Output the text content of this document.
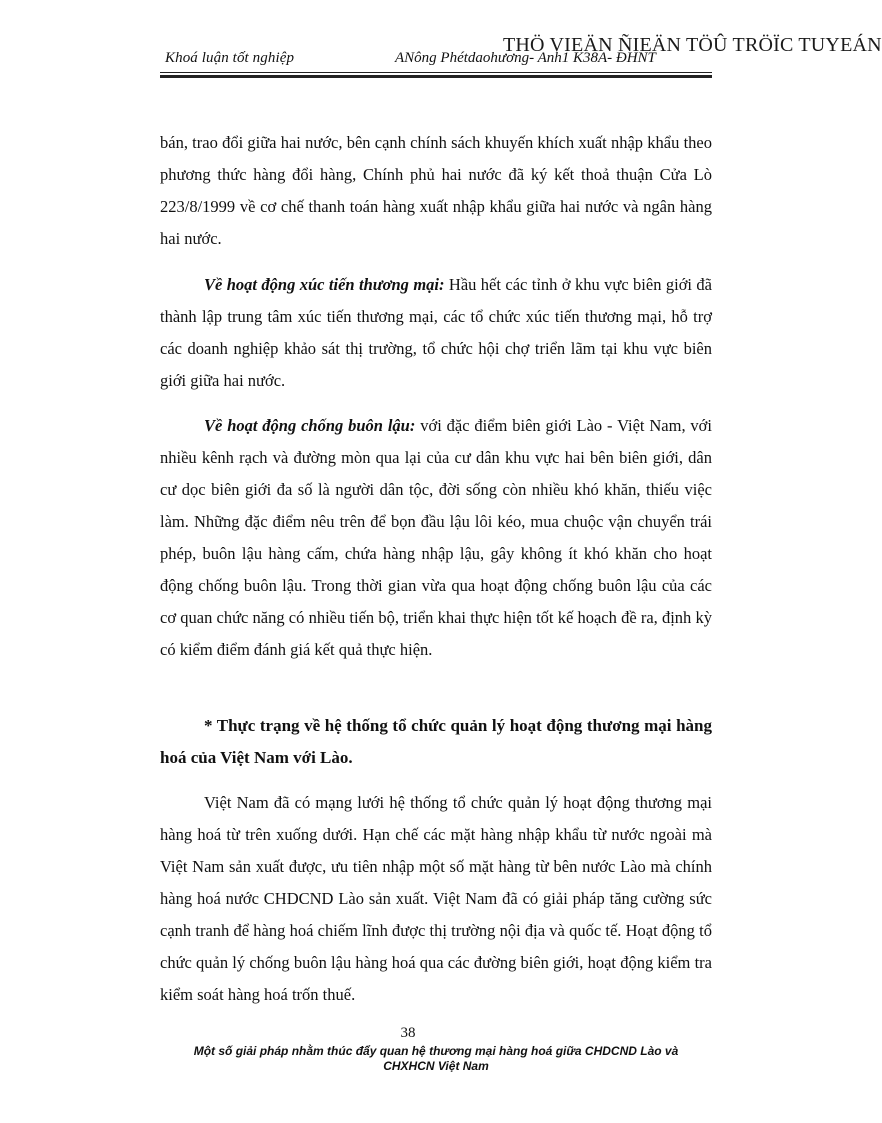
Khoá luận tốt nghiệp	ANông Phétdaohương- Anh1 K38A- ĐHNT
THÖ VIEÄN ÑIEÄN TÖÛ TRÖÏC TUYEÁN

bán, trao đổi giữa hai nước, bên cạnh chính sách khuyến khích xuất nhập khẩu theo phương thức hàng đổi hàng, Chính phủ hai nước đã ký kết thoả thuận Cửa Lò 223/8/1999 về cơ chế thanh toán hàng xuất nhập khẩu giữa hai nước và ngân hàng hai nước.

Về hoạt động xúc tiến thương mại: Hầu hết các tỉnh ở khu vực biên giới đã thành lập trung tâm xúc tiến thương mại, các tổ chức xúc tiến thương mại, hỗ trợ các doanh nghiệp khảo sát thị trường, tổ chức hội chợ triển lãm tại khu vực biên giới giữa hai nước.

Về hoạt động chống buôn lậu: với đặc điểm biên giới Lào - Việt Nam, với nhiều kênh rạch và đường mòn qua lại của cư dân khu vực hai bên biên giới, dân cư dọc biên giới đa số là người dân tộc, đời sống còn nhiều khó khăn, thiếu việc làm. Những đặc điểm nêu trên để bọn đầu lậu lôi kéo, mua chuộc vận chuyển trái phép, buôn lậu hàng cấm, chứa hàng nhập lậu, gây không ít khó khăn cho hoạt động chống buôn lậu. Trong thời gian vừa qua hoạt động chống buôn lậu của các cơ quan chức năng có nhiều tiến bộ, triển khai thực hiện tốt kế hoạch đề ra, định kỳ có kiểm điểm đánh giá kết quả thực hiện.

* Thực trạng về hệ thống tổ chức quản lý hoạt động thương mại hàng hoá của Việt Nam với Lào.

Việt Nam đã có mạng lưới hệ thống tổ chức quản lý hoạt động thương mại hàng hoá từ trên xuống dưới. Hạn chế các mặt hàng nhập khẩu từ nước ngoài mà Việt Nam sản xuất được, ưu tiên nhập một số mặt hàng từ bên nước Lào mà chính hàng hoá nước CHDCND Lào sản xuất. Việt Nam đã có giải pháp tăng cường sức cạnh tranh để hàng hoá chiếm lĩnh được thị trường nội địa và quốc tế. Hoạt động tổ chức quản lý chống buôn lậu hàng hoá qua các đường biên giới, hoạt động kiểm tra kiểm soát hàng hoá trốn thuế.

38
Một số giải pháp nhằm thúc đẩy quan hệ thương mại hàng hoá giữa CHDCND Lào và
CHXHCN Việt Nam
